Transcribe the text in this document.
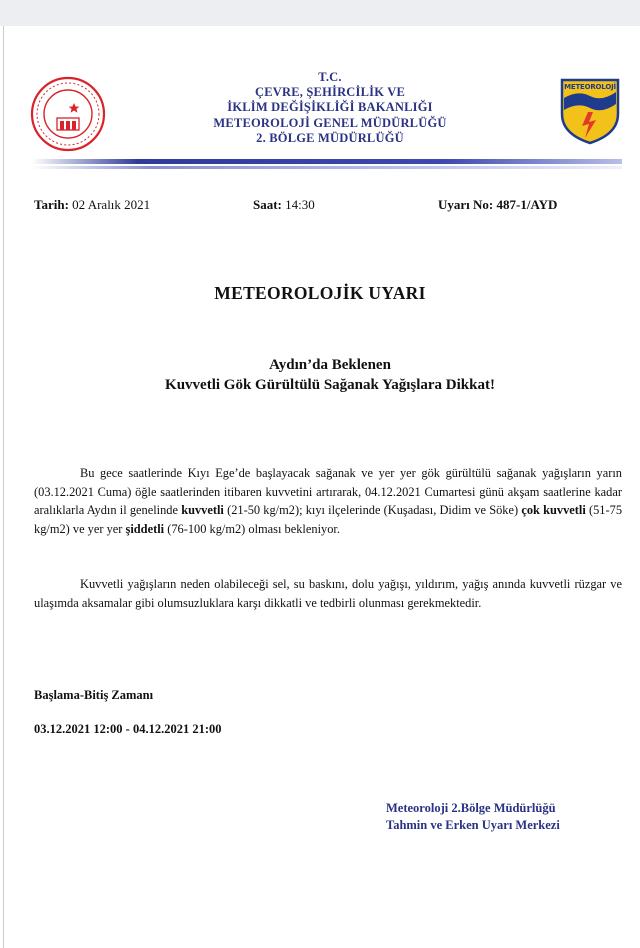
METEOROLOJİ
T.C.
ÇEVRE, ŞEHİRCİLİK VE
İKLİM DEĞİŞİKLİĞİ BAKANLIĞI
METEOROLOJİ GENEL MÜDÜRLÜĞÜ
2. BÖLGE MÜDÜRLÜĞÜ
Tarih: 02 Aralık 2021	Saat: 14:30	Uyarı No: 487-1/AYD
METEOROLOJİK UYARI
Aydın’da Beklenen
Kuvvetli Gök Gürültülü Sağanak Yağışlara Dikkat!

Bu gece saatlerinde Kıyı Ege’de başlayacak sağanak ve yer yer gök gürültülü sağanak yağışların yarın (03.12.2021 Cuma) öğle saatlerinden itibaren kuvvetini artırarak, 04.12.2021 Cumartesi günü akşam saatlerine kadar aralıklarla Aydın il genelinde kuvvetli (21-50 kg/m2); kıyı ilçelerinde (Kuşadası, Didim ve Söke) çok kuvvetli (51-75 kg/m2) ve yer yer şiddetli (76-100 kg/m2) olması bekleniyor.

Kuvvetli yağışların neden olabileceği sel, su baskını, dolu yağışı, yıldırım, yağış anında kuvvetli rüzgar ve ulaşımda aksamalar gibi olumsuzluklara karşı dikkatli ve tedbirli olunması gerekmektedir.

Başlama-Bitiş Zamanı
03.12.2021 12:00 - 04.12.2021 21:00
Meteoroloji 2.Bölge Müdürlüğü
Tahmin ve Erken Uyarı Merkezi
